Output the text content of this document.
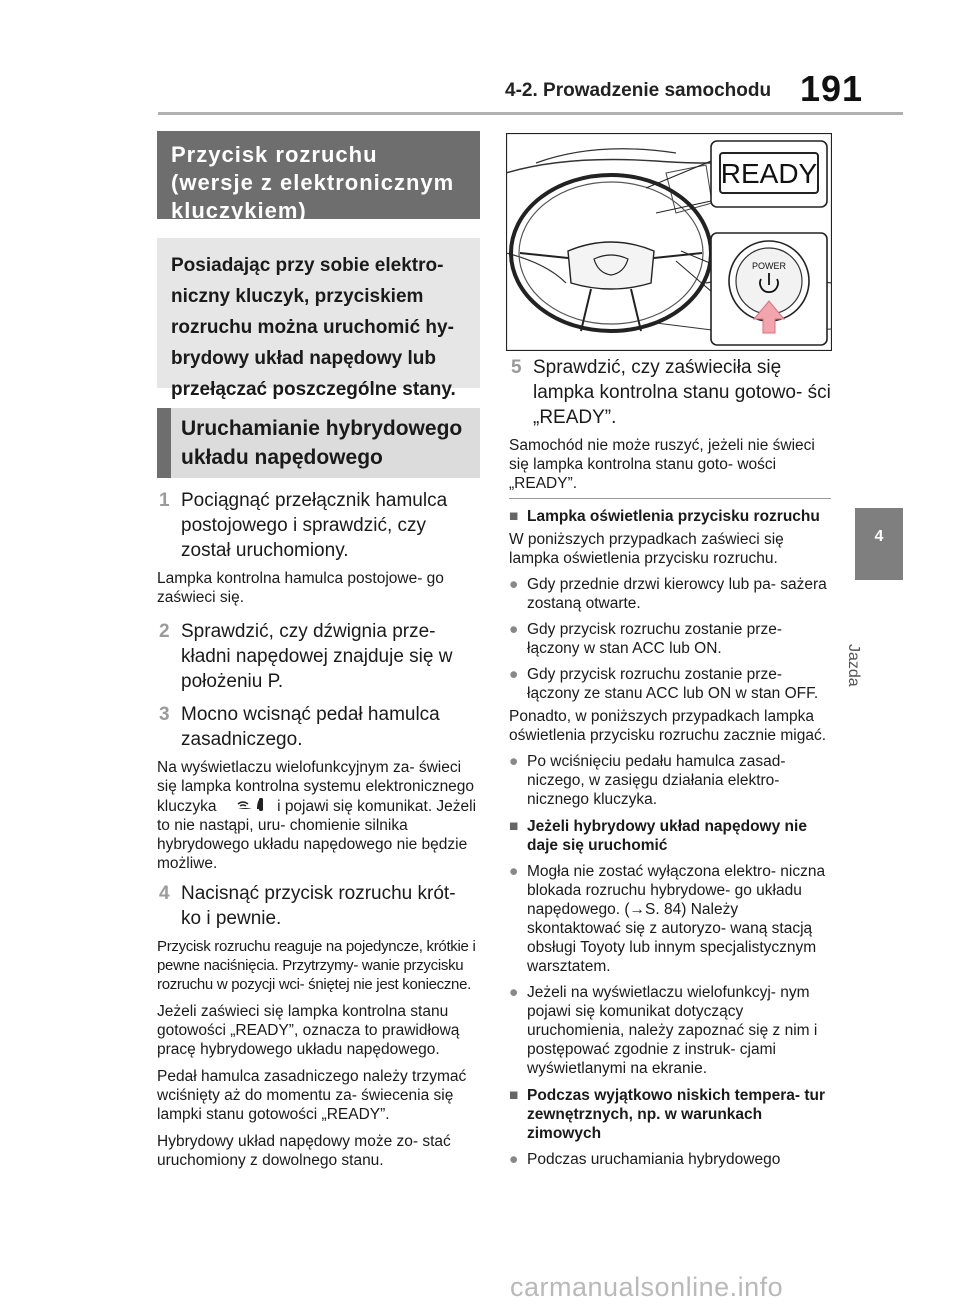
4-2. Prowadzenie samochodu 191
4
Jazda
Przycisk rozruchu (wersje z elektronicznym kluczykiem)
Posiadając przy sobie elektro- niczny kluczyk, przyciskiem rozruchu można uruchomić hy- brydowy układ napędowy lub przełączać poszczególne stany.
Uruchamianie hybrydowego układu napędowego
1 Pociągnąć przełącznik hamulca postojowego i sprawdzić, czy został uruchomiony.
Lampka kontrolna hamulca postojowe- go zaświeci się.
2 Sprawdzić, czy dźwignia prze- kładni napędowej znajduje się w położeniu P.
3 Mocno wcisnąć pedał hamulca zasadniczego.
Na wyświetlaczu wielofunkcyjnym za- świeci się lampka kontrolna systemu elektronicznego kluczyka	i pojawi się komunikat. Jeżeli to nie nastąpi, uru- chomienie silnika hybrydowego układu napędowego nie będzie możliwe.
4 Nacisnąć przycisk rozruchu krót- ko i pewnie.
Przycisk rozruchu reaguje na pojedyncze, krótkie i pewne naciśnięcia. Przytrzymy- wanie przycisku rozruchu w pozycji wci- śniętej nie jest konieczne.
Jeżeli zaświeci się lampka kontrolna stanu gotowości „READY”, oznacza to prawidłową pracę hybrydowego układu napędowego.
Pedał hamulca zasadniczego należy trzymać wciśnięty aż do momentu za- świecenia się lampki stanu gotowości „READY”.
Hybrydowy układ napędowy może zo- stać uruchomiony z dowolnego stanu.
READY
POWER
5 Sprawdzić, czy zaświeciła się lampka kontrolna stanu gotowo- ści „READY”.
Samochód nie może ruszyć, jeżeli nie świeci się lampka kontrolna stanu goto- wości „READY”.
■ Lampka oświetlenia przycisku rozruchu
W poniższych przypadkach zaświeci się lampka oświetlenia przycisku rozruchu.
● Gdy przednie drzwi kierowcy lub pa- sażera zostaną otwarte.
● Gdy przycisk rozruchu zostanie prze- łączony w stan ACC lub ON.
● Gdy przycisk rozruchu zostanie prze- łączony ze stanu ACC lub ON w stan OFF.
Ponadto, w poniższych przypadkach lampka oświetlenia przycisku rozruchu zacznie migać.
● Po wciśnięciu pedału hamulca zasad- niczego, w zasięgu działania elektro- nicznego kluczyka.
■ Jeżeli hybrydowy układ napędowy nie daje się uruchomić
● Mogła nie zostać wyłączona elektro- niczna blokada rozruchu hybrydowe- go układu napędowego. (→S. 84) Należy skontaktować się z autoryzo- waną stacją obsługi Toyoty lub innym specjalistycznym warsztatem.
● Jeżeli na wyświetlaczu wielofunkcyj- nym pojawi się komunikat dotyczący uruchomienia, należy zapoznać się z nim i postępować zgodnie z instruk- cjami wyświetlanymi na ekranie.
■ Podczas wyjątkowo niskich tempera- tur zewnętrznych, np. w warunkach zimowych
● Podczas uruchamiania hybrydowego
carmanualsonline.info
